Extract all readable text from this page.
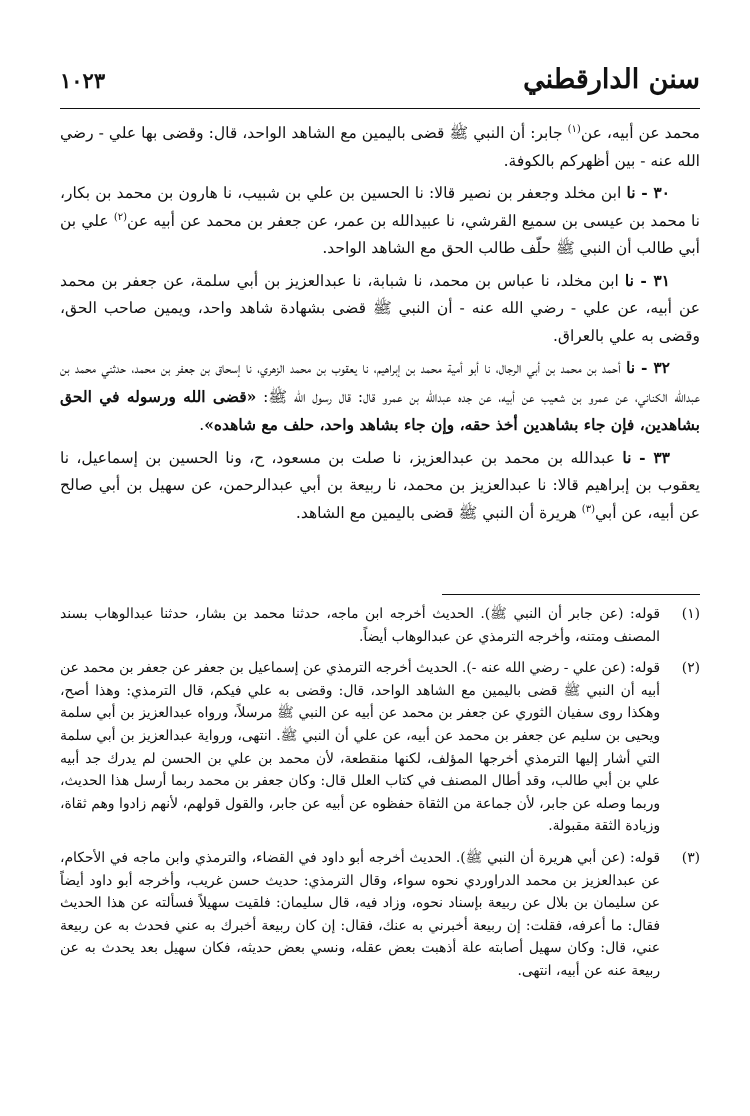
سنن الدارقطني
١٠٢٣

محمد عن أبيه، عن$^{(١)}$ جابر: أن النبي ﷺ قضى باليمين مع الشاهد الواحد، قال: وقضى بها علي - رضي الله عنه - بين أظهركم بالكوفة.

٣٠ - نا ابن مخلد وجعفر بن نصير قالا: نا الحسين بن علي بن شبيب، نا هارون بن محمد بن بكار، نا محمد بن عيسى بن سميع القرشي، نا عبيدالله بن عمر، عن جعفر بن محمد عن أبيه عن$^{(٢)}$ علي بن أبي طالب أن النبي ﷺ حلّف طالب الحق مع الشاهد الواحد.

٣١ - نا ابن مخلد، نا عباس بن محمد، نا شبابة، نا عبدالعزيز بن أبي سلمة، عن جعفر بن محمد عن أبيه، عن علي - رضي الله عنه - أن النبي ﷺ قضى بشهادة شاهد واحد، ويمين صاحب الحق، وقضى به علي بالعراق.

٣٢ - نا أحمد بن محمد بن أبي الرجال، نا أبو أمية محمد بن إبراهيم، نا يعقوب بن محمد الزهري، نا إسحاق بن جعفر بن محمد، حدثني محمد بن عبدالله الكناني، عن عمرو بن شعيب عن أبيه، عن جده عبدالله بن عمرو قال: قال رسول الله ﷺ: «قضى الله ورسوله في الحق بشاهدين، فإن جاء بشاهدين أخذ حقه، وإن جاء بشاهد واحد، حلف مع شاهده».

٣٣ - نا عبدالله بن محمد بن عبدالعزيز، نا صلت بن مسعود، ح، ونا الحسين بن إسماعيل، نا يعقوب بن إبراهيم قالا: نا عبدالعزيز بن محمد، نا ربيعة بن أبي عبدالرحمن، عن سهيل بن أبي صالح عن أبيه، عن أبي$^{(٣)}$ هريرة أن النبي ﷺ قضى باليمين مع الشاهد.

(١)
قوله: (عن جابر أن النبي ﷺ). الحديث أخرجه ابن ماجه، حدثنا محمد بن بشار، حدثنا عبدالوهاب بسند المصنف ومتنه، وأخرجه الترمذي عن عبدالوهاب أيضاً.
(٢)
قوله: (عن علي - رضي الله عنه -). الحديث أخرجه الترمذي عن إسماعيل بن جعفر عن جعفر بن محمد عن أبيه أن النبي ﷺ قضى باليمين مع الشاهد الواحد، قال: وقضى به علي فيكم، قال الترمذي: وهذا أصح، وهكذا روى سفيان الثوري عن جعفر بن محمد عن أبيه عن النبي ﷺ مرسلاً، ورواه عبدالعزيز بن أبي سلمة ويحيى بن سليم عن جعفر بن محمد عن أبيه، عن علي أن النبي ﷺ. انتهى، ورواية عبدالعزيز بن أبي سلمة التي أشار إليها الترمذي أخرجها المؤلف، لكنها منقطعة، لأن محمد بن علي بن الحسن لم يدرك جد أبيه علي بن أبي طالب، وقد أطال المصنف في كتاب العلل قال: وكان جعفر بن محمد ربما أرسل هذا الحديث، وربما وصله عن جابر، لأن جماعة من الثقاة حفظوه عن أبيه عن جابر، والقول قولهم، لأنهم زادوا وهم ثقاة، وزيادة الثقة مقبولة.
(٣)
قوله: (عن أبي هريرة أن النبي ﷺ). الحديث أخرجه أبو داود في القضاء، والترمذي وابن ماجه في الأحكام، عن عبدالعزيز بن محمد الدراوردي نحوه سواء، وقال الترمذي: حديث حسن غريب، وأخرجه أبو داود أيضاً عن سليمان بن بلال عن ربيعة بإسناد نحوه، وزاد فيه، قال سليمان: فلقيت سهيلاً فسألته عن هذا الحديث فقال: ما أعرفه، فقلت: إن ربيعة أخبرني به عنك، فقال: إن كان ربيعة أخبرك به عني فحدث به عن ربيعة عني، قال: وكان سهيل أصابته علة أذهبت بعض عقله، ونسي بعض حديثه، فكان سهيل بعد يحدث به عن ربيعة عنه عن أبيه، انتهى.
